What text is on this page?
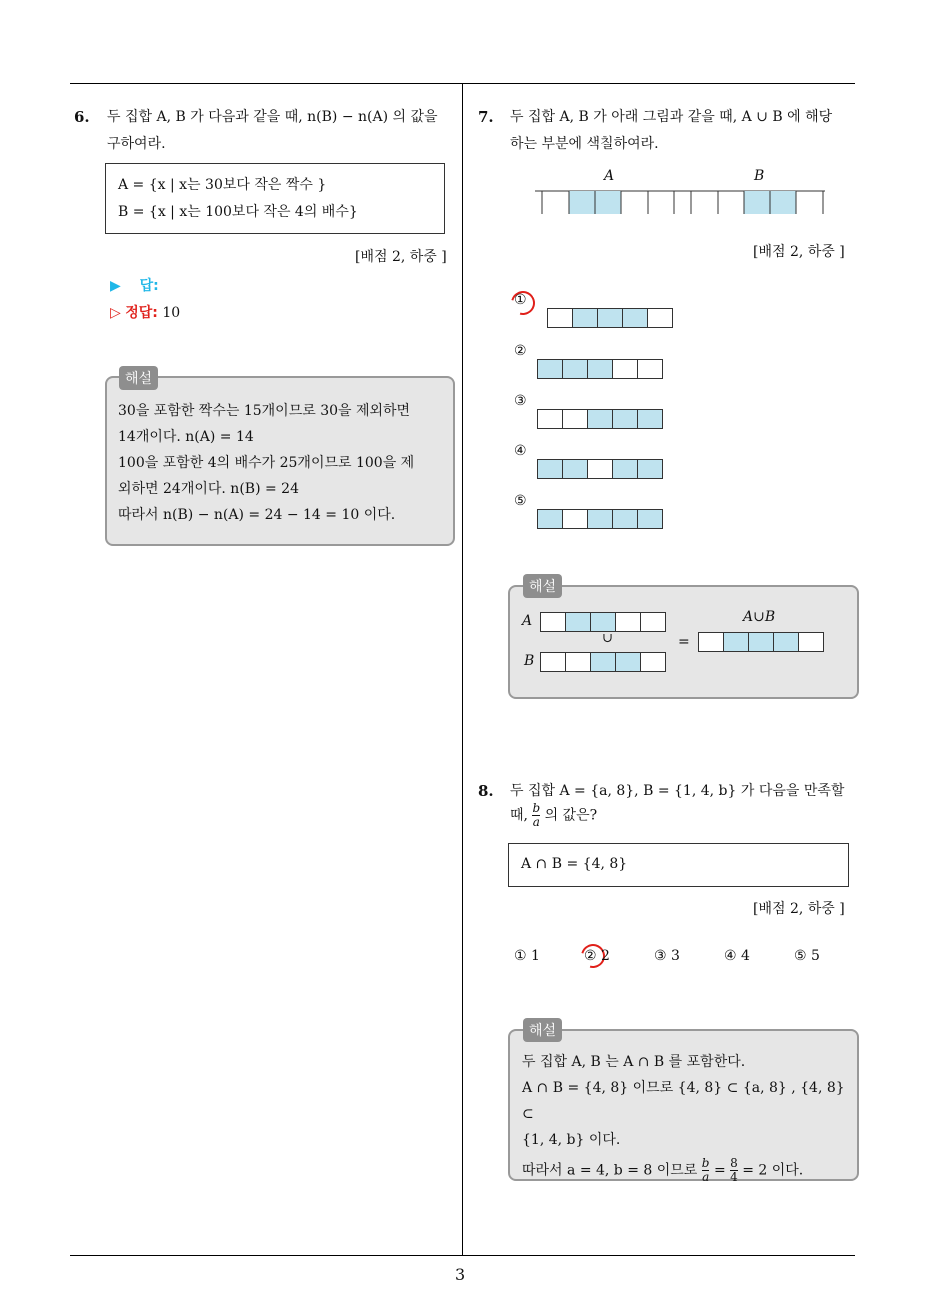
3
6. 두 집합 A, B 가 다음과 같을 때, n(B) − n(A) 의 값을
구하여라.
A = {x | x는 30보다 작은 짝수 }
B = {x | x는 100보다 작은 4의 배수}
[배점 2, 하중 ]
▶ 답:
▷ 정답: 10
30을 포함한 짝수는 15개이므로 30을 제외하면
14개이다. n(A) = 14
100을 포함한 4의 배수가 25개이므로 100을 제
외하면 24개이다. n(B) = 24
따라서 n(B) − n(A) = 24 − 14 = 10 이다.
해설
7. 두 집합 A, B 가 아래 그림과 같을 때, A ∪ B 에 해당
하는 부분에 색칠하여라.
A	B
[배점 2, 하중 ]
①
②
③
④
⑤
A
∪
B
=
A∪B
해설
8. 두 집합 A = {a, 8}, B = {1, 4, b} 가 다음을 만족할
때, $\frac{b}{a}$ 의 값은?
A ∩ B = {4, 8}
[배점 2, 하중 ]
① 1	② 2	③ 3	④ 4	⑤ 5
두 집합 A, B 는 A ∩ B 를 포함한다.
A ∩ B = {4, 8} 이므로 {4, 8} ⊂ {a, 8} , {4, 8} ⊂
{1, 4, b} 이다.
따라서 a = 4, b = 8 이므로 $\frac{b}{a} = \frac{8}{4} = 2$ 이다.
해설
